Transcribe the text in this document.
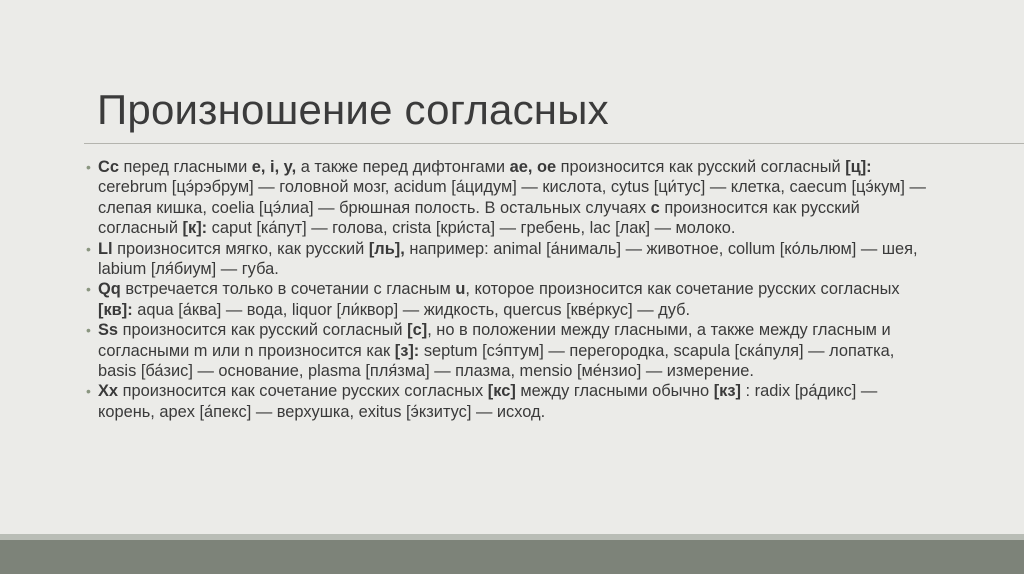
Произношение согласных

• Cc перед гласными e, i, y, а также перед дифтонгами ae, oe произносится как русский согласный [ц]: cerebrum [цэ́рэбрум] — головной мозг, acidum [а́цидум] — кислота, cytus [ци́тус] — клетка, caecum [цэ́кум] — слепая кишка, coelia [цэ́лиа] — брюшная полость. В остальных случаях c произносится как русский согласный [к]: caput [ка́пут] — голова, crista [кри́ста] — гребень, lac [лак] — молоко.

• Ll произносится мягко, как русский [ль], например: animal [а́нималь] — животное, collum [ко́льлюм] — шея, labium [ля́биум] — губа.

• Qq встречается только в сочетании с гласным u, которое произносится как сочетание русских согласных [кв]: aqua [а́ква] — вода, liquor [ли́квор] — жидкость, quercus [кве́ркус] — дуб.

• Ss произносится как русский согласный [с], но в положении между гласными, а также между гласным и согласными m или n произносится как [з]: septum [сэ́птум] — перегородка, scapula [ска́пуля] — лопатка, basis [ба́зис] — основание, plasma [пля́зма] — плазма, mensio [ме́нзио] — измерение.

• Xx произносится как сочетание русских согласных [кс] между гласными обычно [кз] : radix [ра́дикс] — корень, apex [а́пекс] — верхушка, exitus [э́кзитус] — исход.
